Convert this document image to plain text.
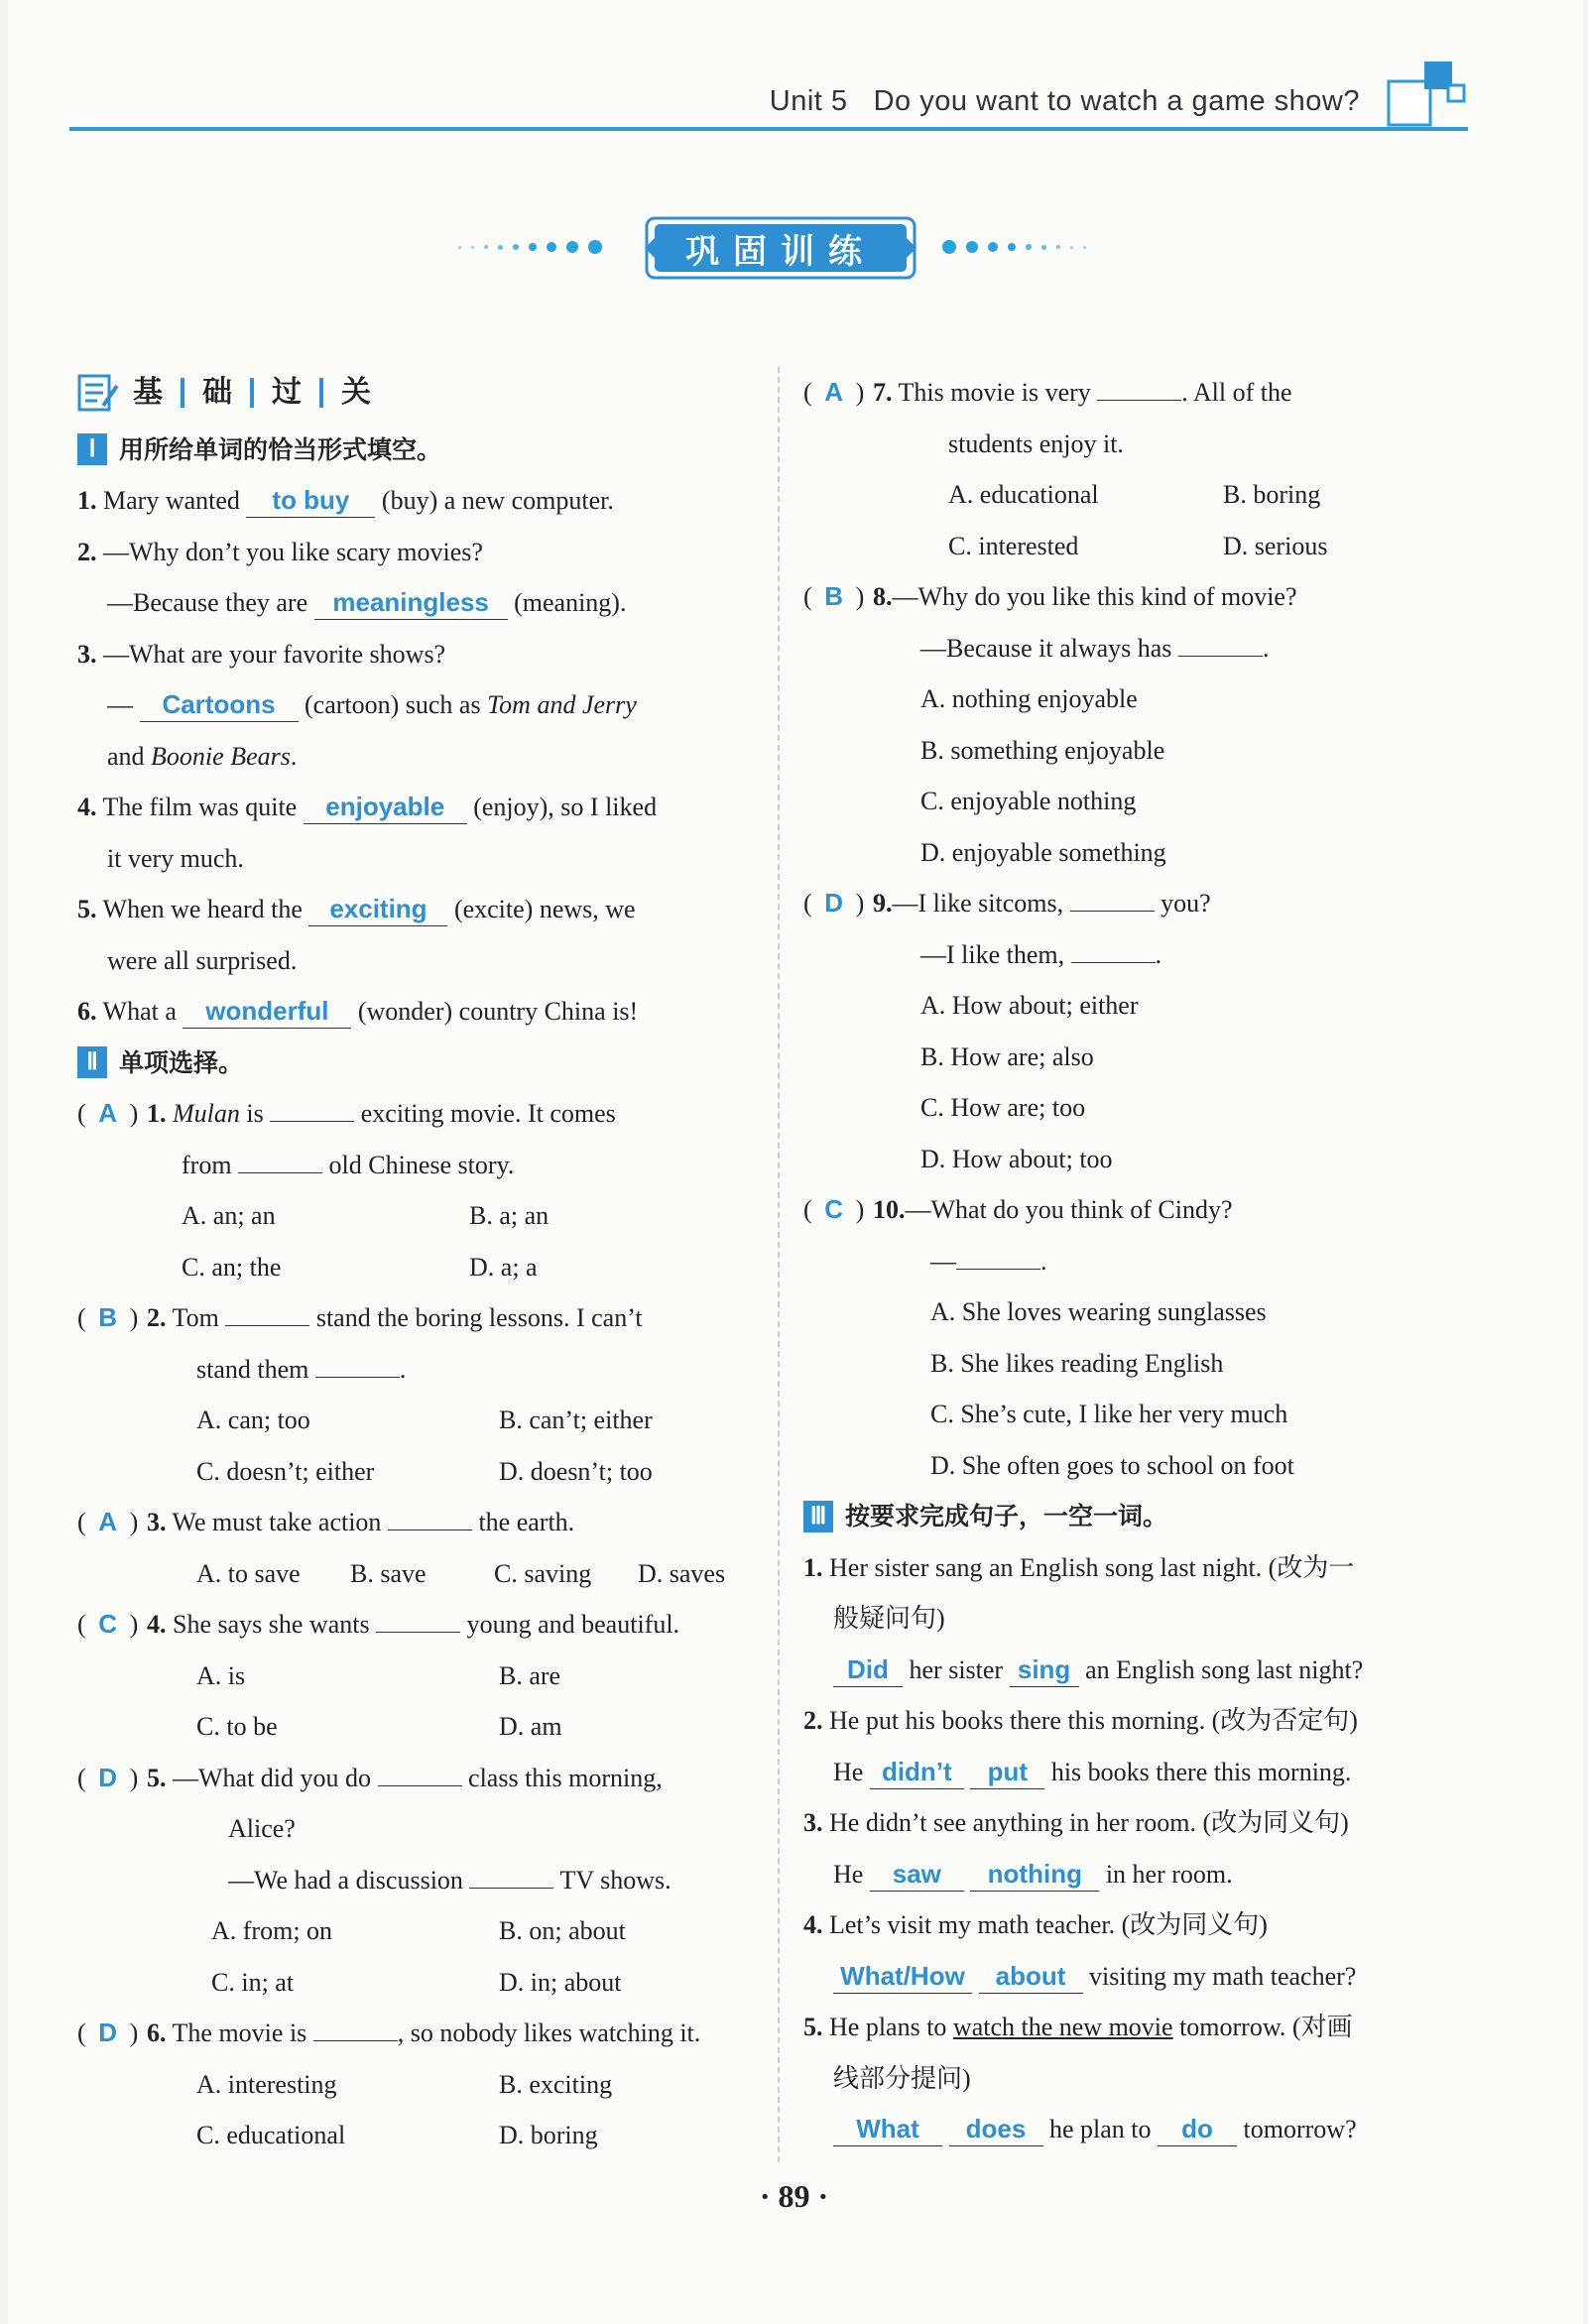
Unit 5 Do you want to watch a game show?
巩固训练
基 础 过 关
Ⅰ 用所给单词的恰当形式填空。
1. Mary wanted to buy (buy) a new computer.
2. —Why don’t you like scary movies?
—Because they are meaningless (meaning).
3. —What are your favorite shows?
— Cartoons (cartoon) such as Tom and Jerry
and Boonie Bears.
4. The film was quite enjoyable (enjoy), so I liked
it very much.
5. When we heard the exciting (excite) news, we
were all surprised.
6. What a wonderful (wonder) country China is!
Ⅱ 单项选择。
( A ) 1. Mulan is	exciting movie. It comes
from	old Chinese story.
A. an; an	B. a; an
C. an; the	D. a; a
( B ) 2. Tom	stand the boring lessons. I can’t
stand them	.
A. can; too	B. can’t; either
C. doesn’t; either	D. doesn’t; too
( A ) 3. We must take action	the earth.
A. to save B. save	C. saving D. saves
( C ) 4. She says she wants	young and beautiful.
A. is	B. are
C. to be	D. am
( D ) 5. —What did you do	class this morning,
Alice?
—We had a discussion	TV shows.
A. from; on	B. on; about
C. in; at	D. in; about
( D ) 6. The movie is	, so nobody likes watching it.
A. interesting	B. exciting
C. educational	D. boring
( A ) 7. This movie is very	. All of the
students enjoy it.
A. educational	B. boring
C. interested	D. serious
( B ) 8.—Why do you like this kind of movie?
—Because it always has	.
A. nothing enjoyable
B. something enjoyable
C. enjoyable nothing
D. enjoyable something
( D ) 9.—I like sitcoms,	you?
—I like them,	.
A. How about; either
B. How are; also
C. How are; too
D. How about; too
( C ) 10.—What do you think of Cindy?
—	.
A. She loves wearing sunglasses
B. She likes reading English
C. She’s cute, I like her very much
D. She often goes to school on foot
Ⅲ 按要求完成句子，一空一词。
1. Her sister sang an English song last night. (改为一
般疑问句)
Did her sister sing an English song last night?
2. He put his books there this morning. (改为否定句)
He didn’t put his books there this morning.
3. He didn’t see anything in her room. (改为同义句)
He saw nothing in her room.
4. Let’s visit my math teacher. (改为同义句)
What/How about visiting my math teacher?
5. He plans to watch the new movie tomorrow. (对画
线部分提问)
What does he plan to do tomorrow?
· 89 ·
